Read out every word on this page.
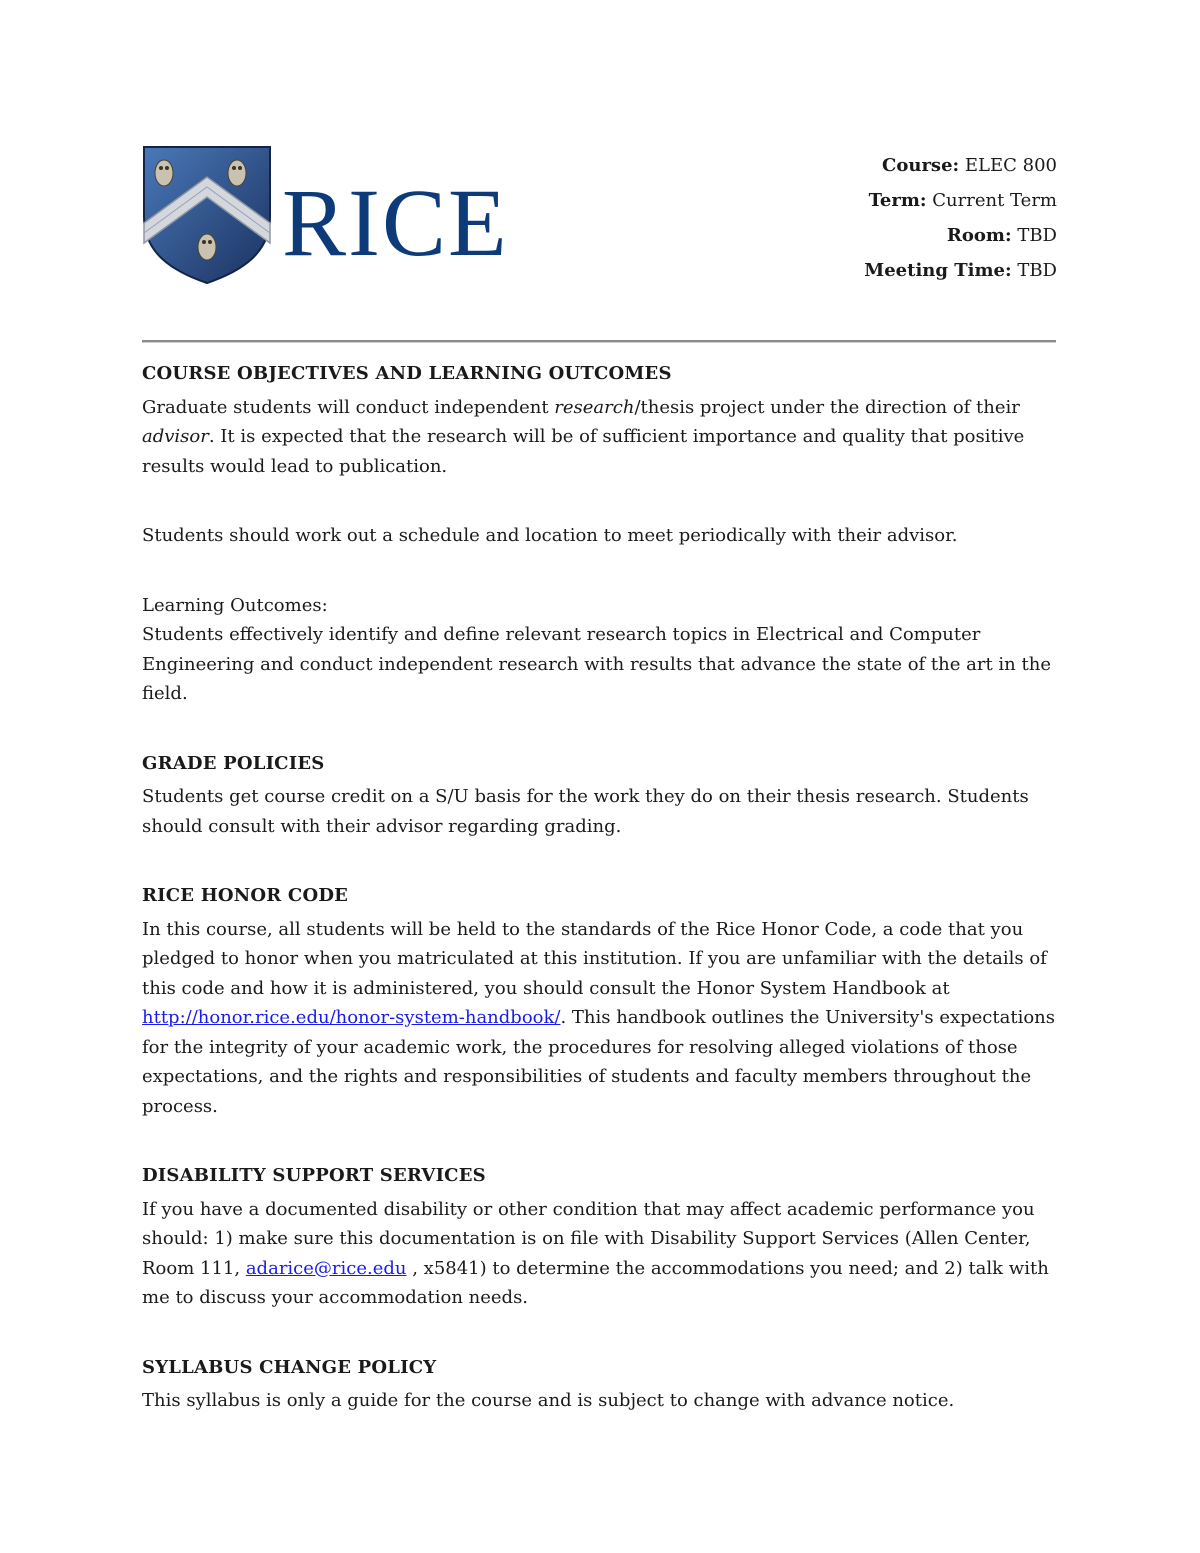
RICE
Course: ELEC 800
Term: Current Term
Room: TBD
Meeting Time: TBD
COURSE OBJECTIVES AND LEARNING OUTCOMES

Graduate students will conduct independent research/thesis project under the direction of their advisor. It is expected that the research will be of sufficient importance and quality that positive results would lead to publication.

Students should work out a schedule and location to meet periodically with their advisor.

Learning Outcomes:

Students effectively identify and define relevant research topics in Electrical and Computer Engineering and conduct independent research with results that advance the state of the art in the field.

GRADE POLICIES

Students get course credit on a S/U basis for the work they do on their thesis research. Students should consult with their advisor regarding grading.

RICE HONOR CODE

In this course, all students will be held to the standards of the Rice Honor Code, a code that you pledged to honor when you matriculated at this institution. If you are unfamiliar with the details of this code and how it is administered, you should consult the Honor System Handbook at http://honor.rice.edu/honor-system-handbook/. This handbook outlines the University's expectations for the integrity of your academic work, the procedures for resolving alleged violations of those expectations, and the rights and responsibilities of students and faculty members throughout the process.

DISABILITY SUPPORT SERVICES

If you have a documented disability or other condition that may affect academic performance you should: 1) make sure this documentation is on file with Disability Support Services (Allen Center, Room 111, adarice@rice.edu , x5841) to determine the accommodations you need; and 2) talk with me to discuss your accommodation needs.

SYLLABUS CHANGE POLICY

This syllabus is only a guide for the course and is subject to change with advance notice.
